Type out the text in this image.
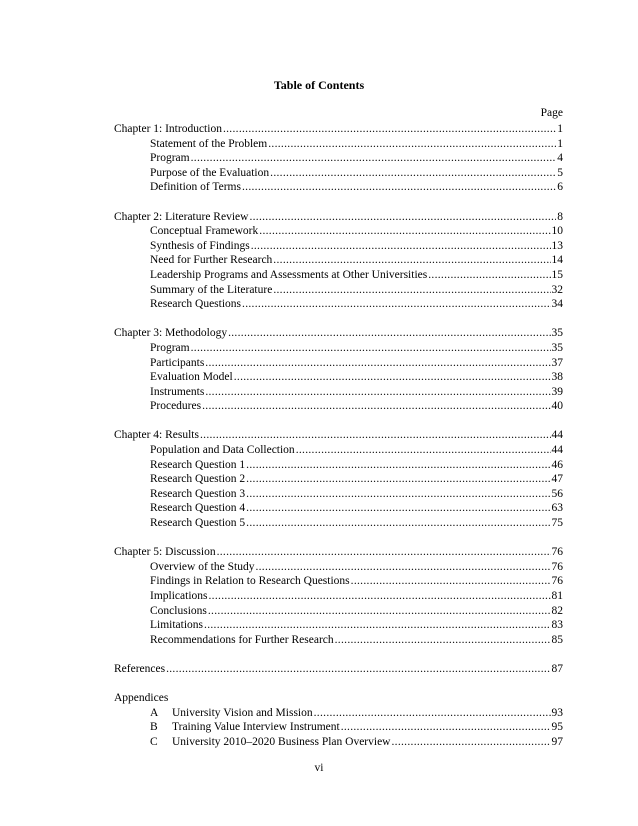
Table of Contents
Page
Chapter 1: Introduction .....	1
Statement of the Problem .....	1
Program .....	4
Purpose of the Evaluation .....	5
Definition of Terms .....	6
Chapter 2: Literature Review .....	8
Conceptual Framework .....	10
Synthesis of Findings .....	13
Need for Further Research .....	14
Leadership Programs and Assessments at Other Universities .....	15
Summary of the Literature .....	32
Research Questions .....	34
Chapter 3: Methodology .....	35
Program .....	35
Participants .....	37
Evaluation Model .....	38
Instruments .....	39
Procedures .....	40
Chapter 4: Results .....	44
Population and Data Collection .....	44
Research Question 1 .....	46
Research Question 2 .....	47
Research Question 3 .....	56
Research Question 4 .....	63
Research Question 5 .....	75
Chapter 5: Discussion .....	76
Overview of the Study .....	76
Findings in Relation to Research Questions .....	76
Implications .....	81
Conclusions .....	82
Limitations .....	83
Recommendations for Further Research .....	85
References .....	87
Appendices
A University Vision and Mission .....	93
B Training Value Interview Instrument .....	95
C University 2010–2020 Business Plan Overview .....	97
vi
